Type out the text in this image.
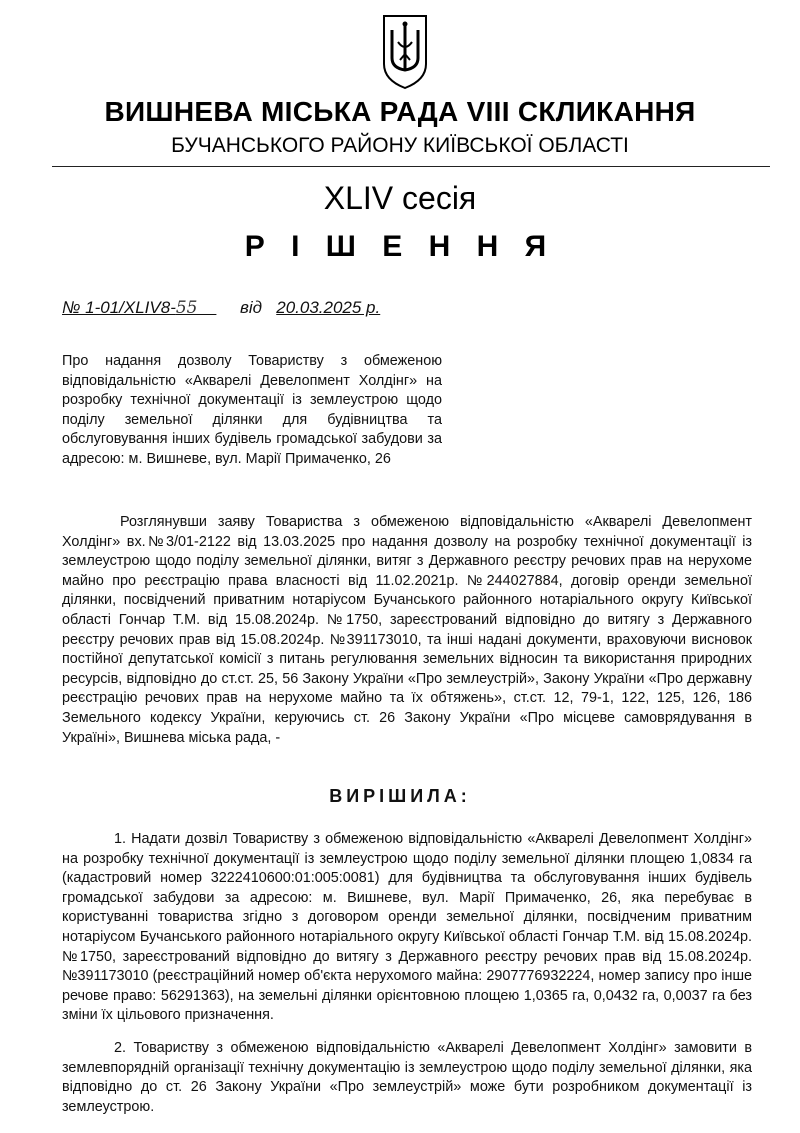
ВИШНЕВА МІСЬКА РАДА VIII СКЛИКАННЯ
БУЧАНСЬКОГО РАЙОНУ КИЇВСЬКОЇ ОБЛАСТІ
XLIV сесія
Р І Ш Е Н Н Я
№ 1-01/XLIV8-55	від 20.03.2025 р.
Про надання дозволу Товариству з обмеженою відповідальністю «Акварелі Девелопмент Холдінг» на розробку технічної документації із землеустрою щодо поділу земельної ділянки для будівництва та обслуговування інших будівель громадської забудови за адресою: м. Вишневе, вул. Марії Примаченко, 26
Розглянувши заяву Товариства з обмеженою відповідальністю «Акварелі Девелопмент Холдінг» вх.№3/01-2122 від 13.03.2025 про надання дозволу на розробку технічної документації із землеустрою щодо поділу земельної ділянки, витяг з Державного реєстру речових прав на нерухоме майно про реєстрацію права власності від 11.02.2021р. №244027884, договір оренди земельної ділянки, посвідчений приватним нотаріусом Бучанського районного нотаріального округу Київської області Гончар Т.М. від 15.08.2024р. №1750, зареєстрований відповідно до витягу з Державного реєстру речових прав від 15.08.2024р. №391173010, та інші надані документи, враховуючи висновок постійної депутатської комісії з питань регулювання земельних відносин та використання природних ресурсів, відповідно до ст.ст. 25, 56 Закону України «Про землеустрій», Закону України «Про державну реєстрацію речових прав на нерухоме майно та їх обтяжень», ст.ст. 12, 79-1, 122, 125, 126, 186 Земельного кодексу України, керуючись ст. 26 Закону України «Про місцеве самоврядування в Україні», Вишнева міська рада, -
ВИРІШИЛА:
1. Надати дозвіл Товариству з обмеженою відповідальністю «Акварелі Девелопмент Холдінг» на розробку технічної документації із землеустрою щодо поділу земельної ділянки площею 1,0834 га (кадастровий номер 3222410600:01:005:0081) для будівництва та обслуговування інших будівель громадської забудови за адресою: м. Вишневе, вул. Марії Примаченко, 26, яка перебуває в користуванні товариства згідно з договором оренди земельної ділянки, посвідченим приватним нотаріусом Бучанського районного нотаріального округу Київської області Гончар Т.М. від 15.08.2024р. №1750, зареєстрований відповідно до витягу з Державного реєстру речових прав від 15.08.2024р. №391173010 (реєстраційний номер об'єкта нерухомого майна: 2907776932224, номер запису про інше речове право: 56291363), на земельні ділянки орієнтовною площею 1,0365 га, 0,0432 га, 0,0037 га без зміни їх цільового призначення.
2. Товариству з обмеженою відповідальністю «Акварелі Девелопмент Холдінг» замовити в землевпорядній організації технічну документацію із землеустрою щодо поділу земельної ділянки, яка відповідно до ст. 26 Закону України «Про землеустрій» може бути розробником документації із землеустрою.
